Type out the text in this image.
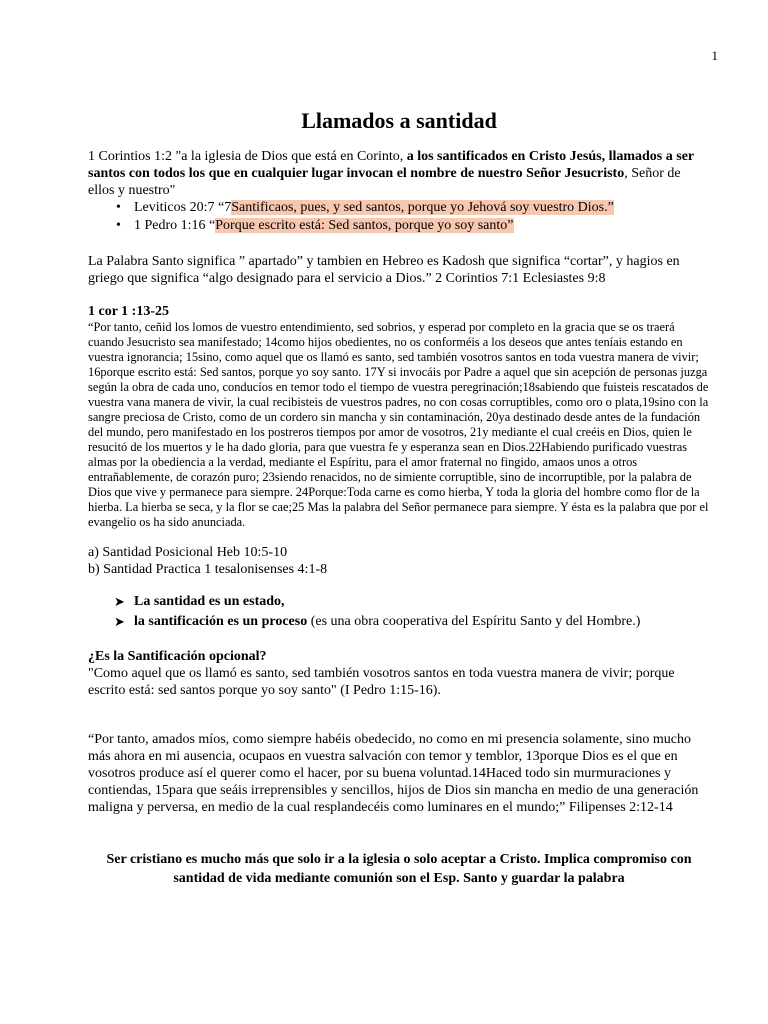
1
Llamados a santidad

1 Corintios 1:2 "a la iglesia de Dios que está en Corinto, a los santificados en Cristo Jesús, llamados a ser santos con todos los que en cualquier lugar invocan el nombre de nuestro Señor Jesucristo, Señor de ellos y nuestro"

• Leviticos 20:7 “7Santificaos, pues, y sed santos, porque yo Jehová soy vuestro Dios.”
• 1 Pedro 1:16 “Porque escrito está: Sed santos, porque yo soy santo”

La Palabra Santo significa ” apartado” y tambien en Hebreo es Kadosh que significa “cortar”, y hagios en griego que significa “algo designado para el servicio a Dios.” 2 Corintios 7:1 Eclesiastes 9:8

1 cor 1 :13-25

“Por tanto, ceñid los lomos de vuestro entendimiento, sed sobrios, y esperad por completo en la gracia que se os traerá cuando Jesucristo sea manifestado; 14como hijos obedientes, no os conforméis a los deseos que antes teníais estando en vuestra ignorancia; 15sino, como aquel que os llamó es santo, sed también vosotros santos en toda vuestra manera de vivir; 16porque escrito está: Sed santos, porque yo soy santo. 17Y si invocáis por Padre a aquel que sin acepción de personas juzga según la obra de cada uno, conducíos en temor todo el tiempo de vuestra peregrinación;18sabiendo que fuisteis rescatados de vuestra vana manera de vivir, la cual recibisteis de vuestros padres, no con cosas corruptibles, como oro o plata,19sino con la sangre preciosa de Cristo, como de un cordero sin mancha y sin contaminación, 20ya destinado desde antes de la fundación del mundo, pero manifestado en los postreros tiempos por amor de vosotros, 21y mediante el cual creéis en Dios, quien le resucitó de los muertos y le ha dado gloria, para que vuestra fe y esperanza sean en Dios.22Habiendo purificado vuestras almas por la obediencia a la verdad, mediante el Espíritu, para el amor fraternal no fingido, amaos unos a otros entrañablemente, de corazón puro; 23siendo renacidos, no de simiente corruptible, sino de incorruptible, por la palabra de Dios que vive y permanece para siempre. 24Porque:Toda carne es como hierba, Y toda la gloria del hombre como flor de la hierba. La hierba se seca, y la flor se cae;25 Mas la palabra del Señor permanece para siempre. Y ésta es la palabra que por el evangelio os ha sido anunciada.

a) Santidad Posicional Heb 10:5-10

b) Santidad Practica 1 tesalonisenses 4:1-8

➤ La santidad es un estado,
➤ la santificación es un proceso (es una obra cooperativa del Espíritu Santo y del Hombre.)

¿Es la Santificación opcional?

"Como aquel que os llamó es santo, sed también vosotros santos en toda vuestra manera de vivir; porque escrito está: sed santos porque yo soy santo" (I Pedro 1:15-16).

“Por tanto, amados míos, como siempre habéis obedecido, no como en mi presencia solamente, sino mucho más ahora en mi ausencia, ocupaos en vuestra salvación con temor y temblor, 13porque Dios es el que en vosotros produce así el querer como el hacer, por su buena voluntad.14Haced todo sin murmuraciones y contiendas, 15para que seáis irreprensibles y sencillos, hijos de Dios sin mancha en medio de una generación maligna y perversa, en medio de la cual resplandecéis como luminares en el mundo;” Filipenses 2:12-14

Ser cristiano es mucho más que solo ir a la iglesia o solo aceptar a Cristo. Implica compromiso con santidad de vida mediante comunión son el Esp. Santo y guardar la palabra
